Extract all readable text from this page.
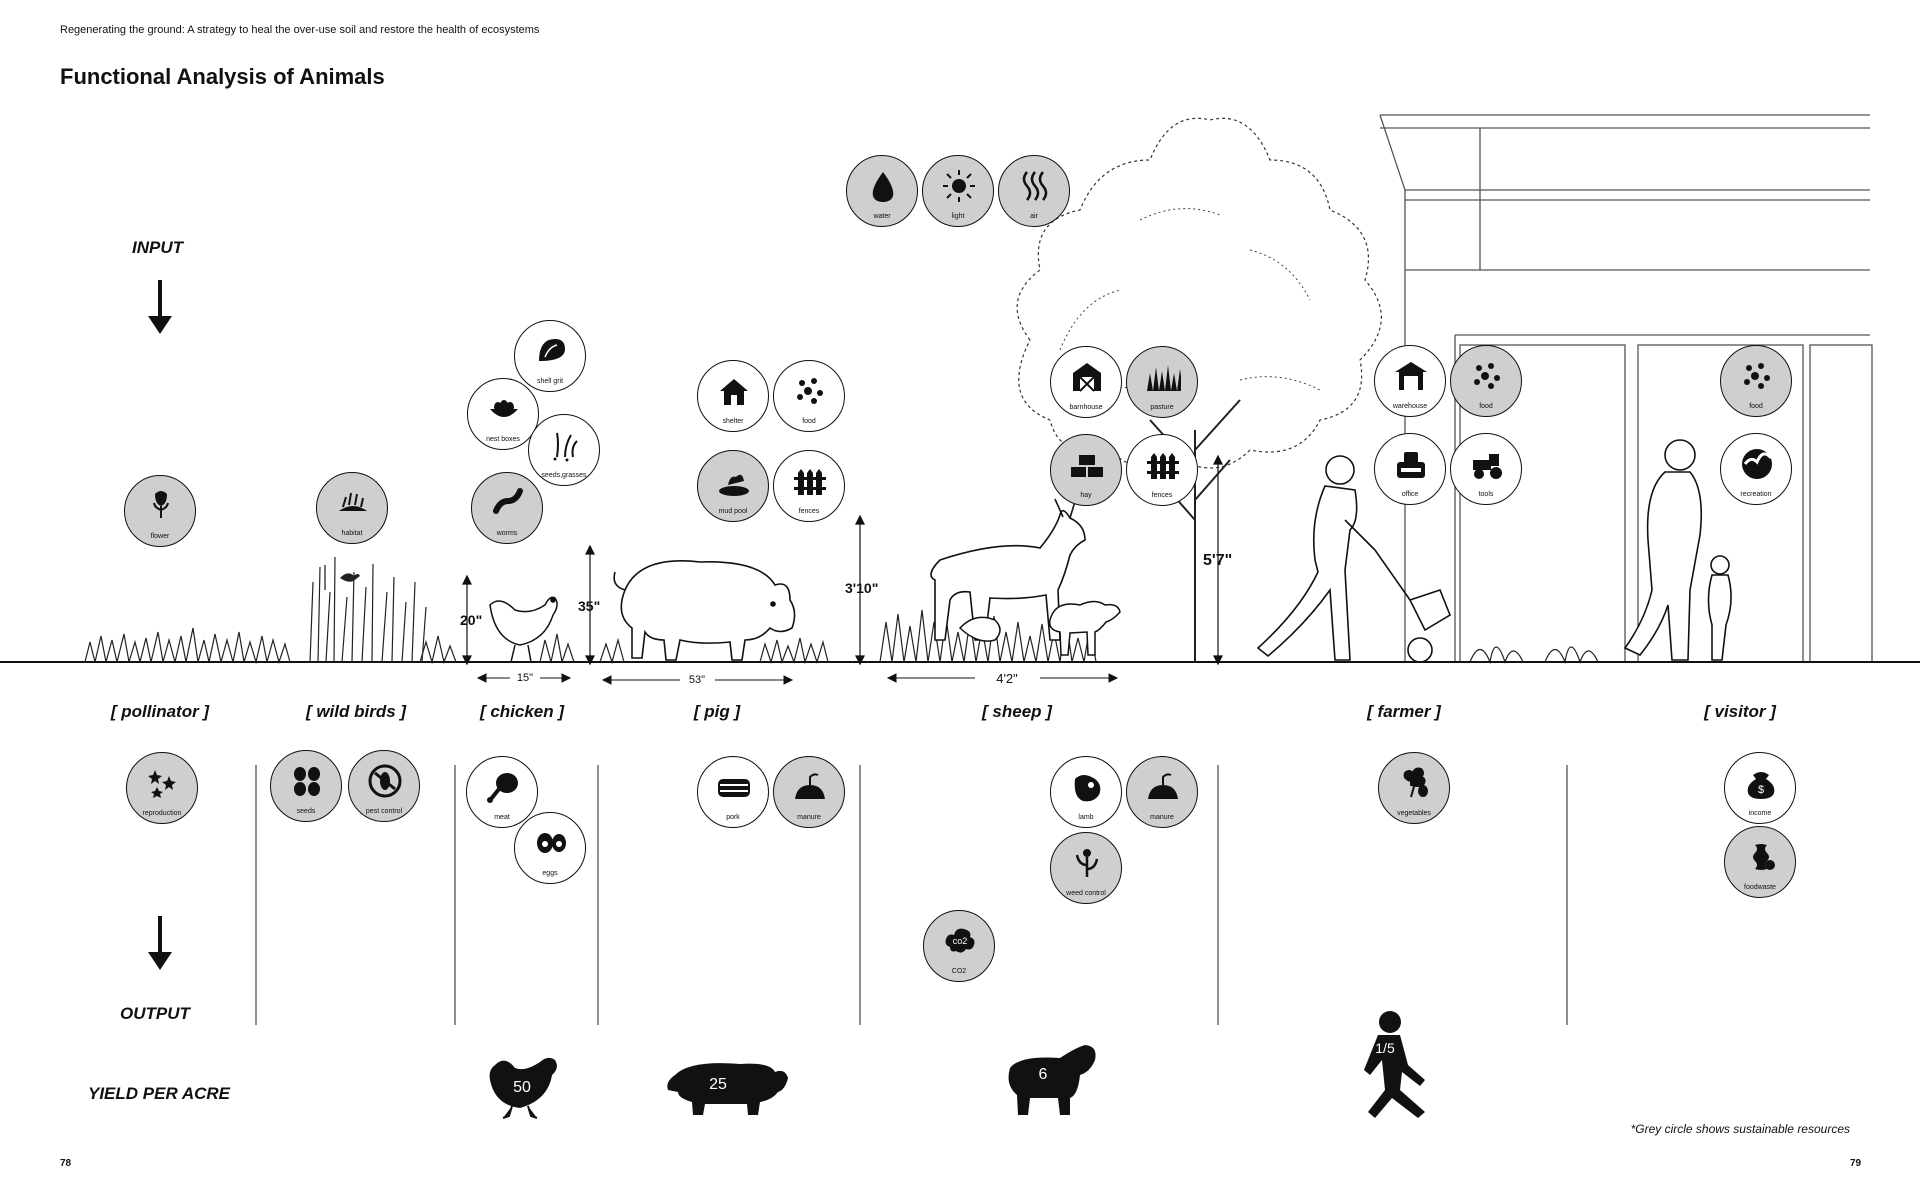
Regenerating the ground: A strategy to heal the over-use soil and restore the health of ecosystems
Functional Analysis of Animals
INPUT
OUTPUT
YIELD PER ACRE
20"
35"
3'10"
5'7"
15"	53"	4'2"
[ pollinator ]	[ wild birds ]	[ chicken ]	[ pig ]	[ sheep ]	[ farmer ]	[ visitor ]
flower	habitat
shell grit
nest boxes
seeds,grasses
worms
shelter	food
mud pool	fences
water	light	air
barnhouse	pasture
hay	fences
warehouse	food
office	tools
food
recreation
reproduction	seeds	pest control
meat
eggs
pork	manure	lamb	manure
weed control
co2
CO2
vegetables
$
income
foodwaste
50	25
6
1/5
*Grey circle shows sustainable resources
78	79
